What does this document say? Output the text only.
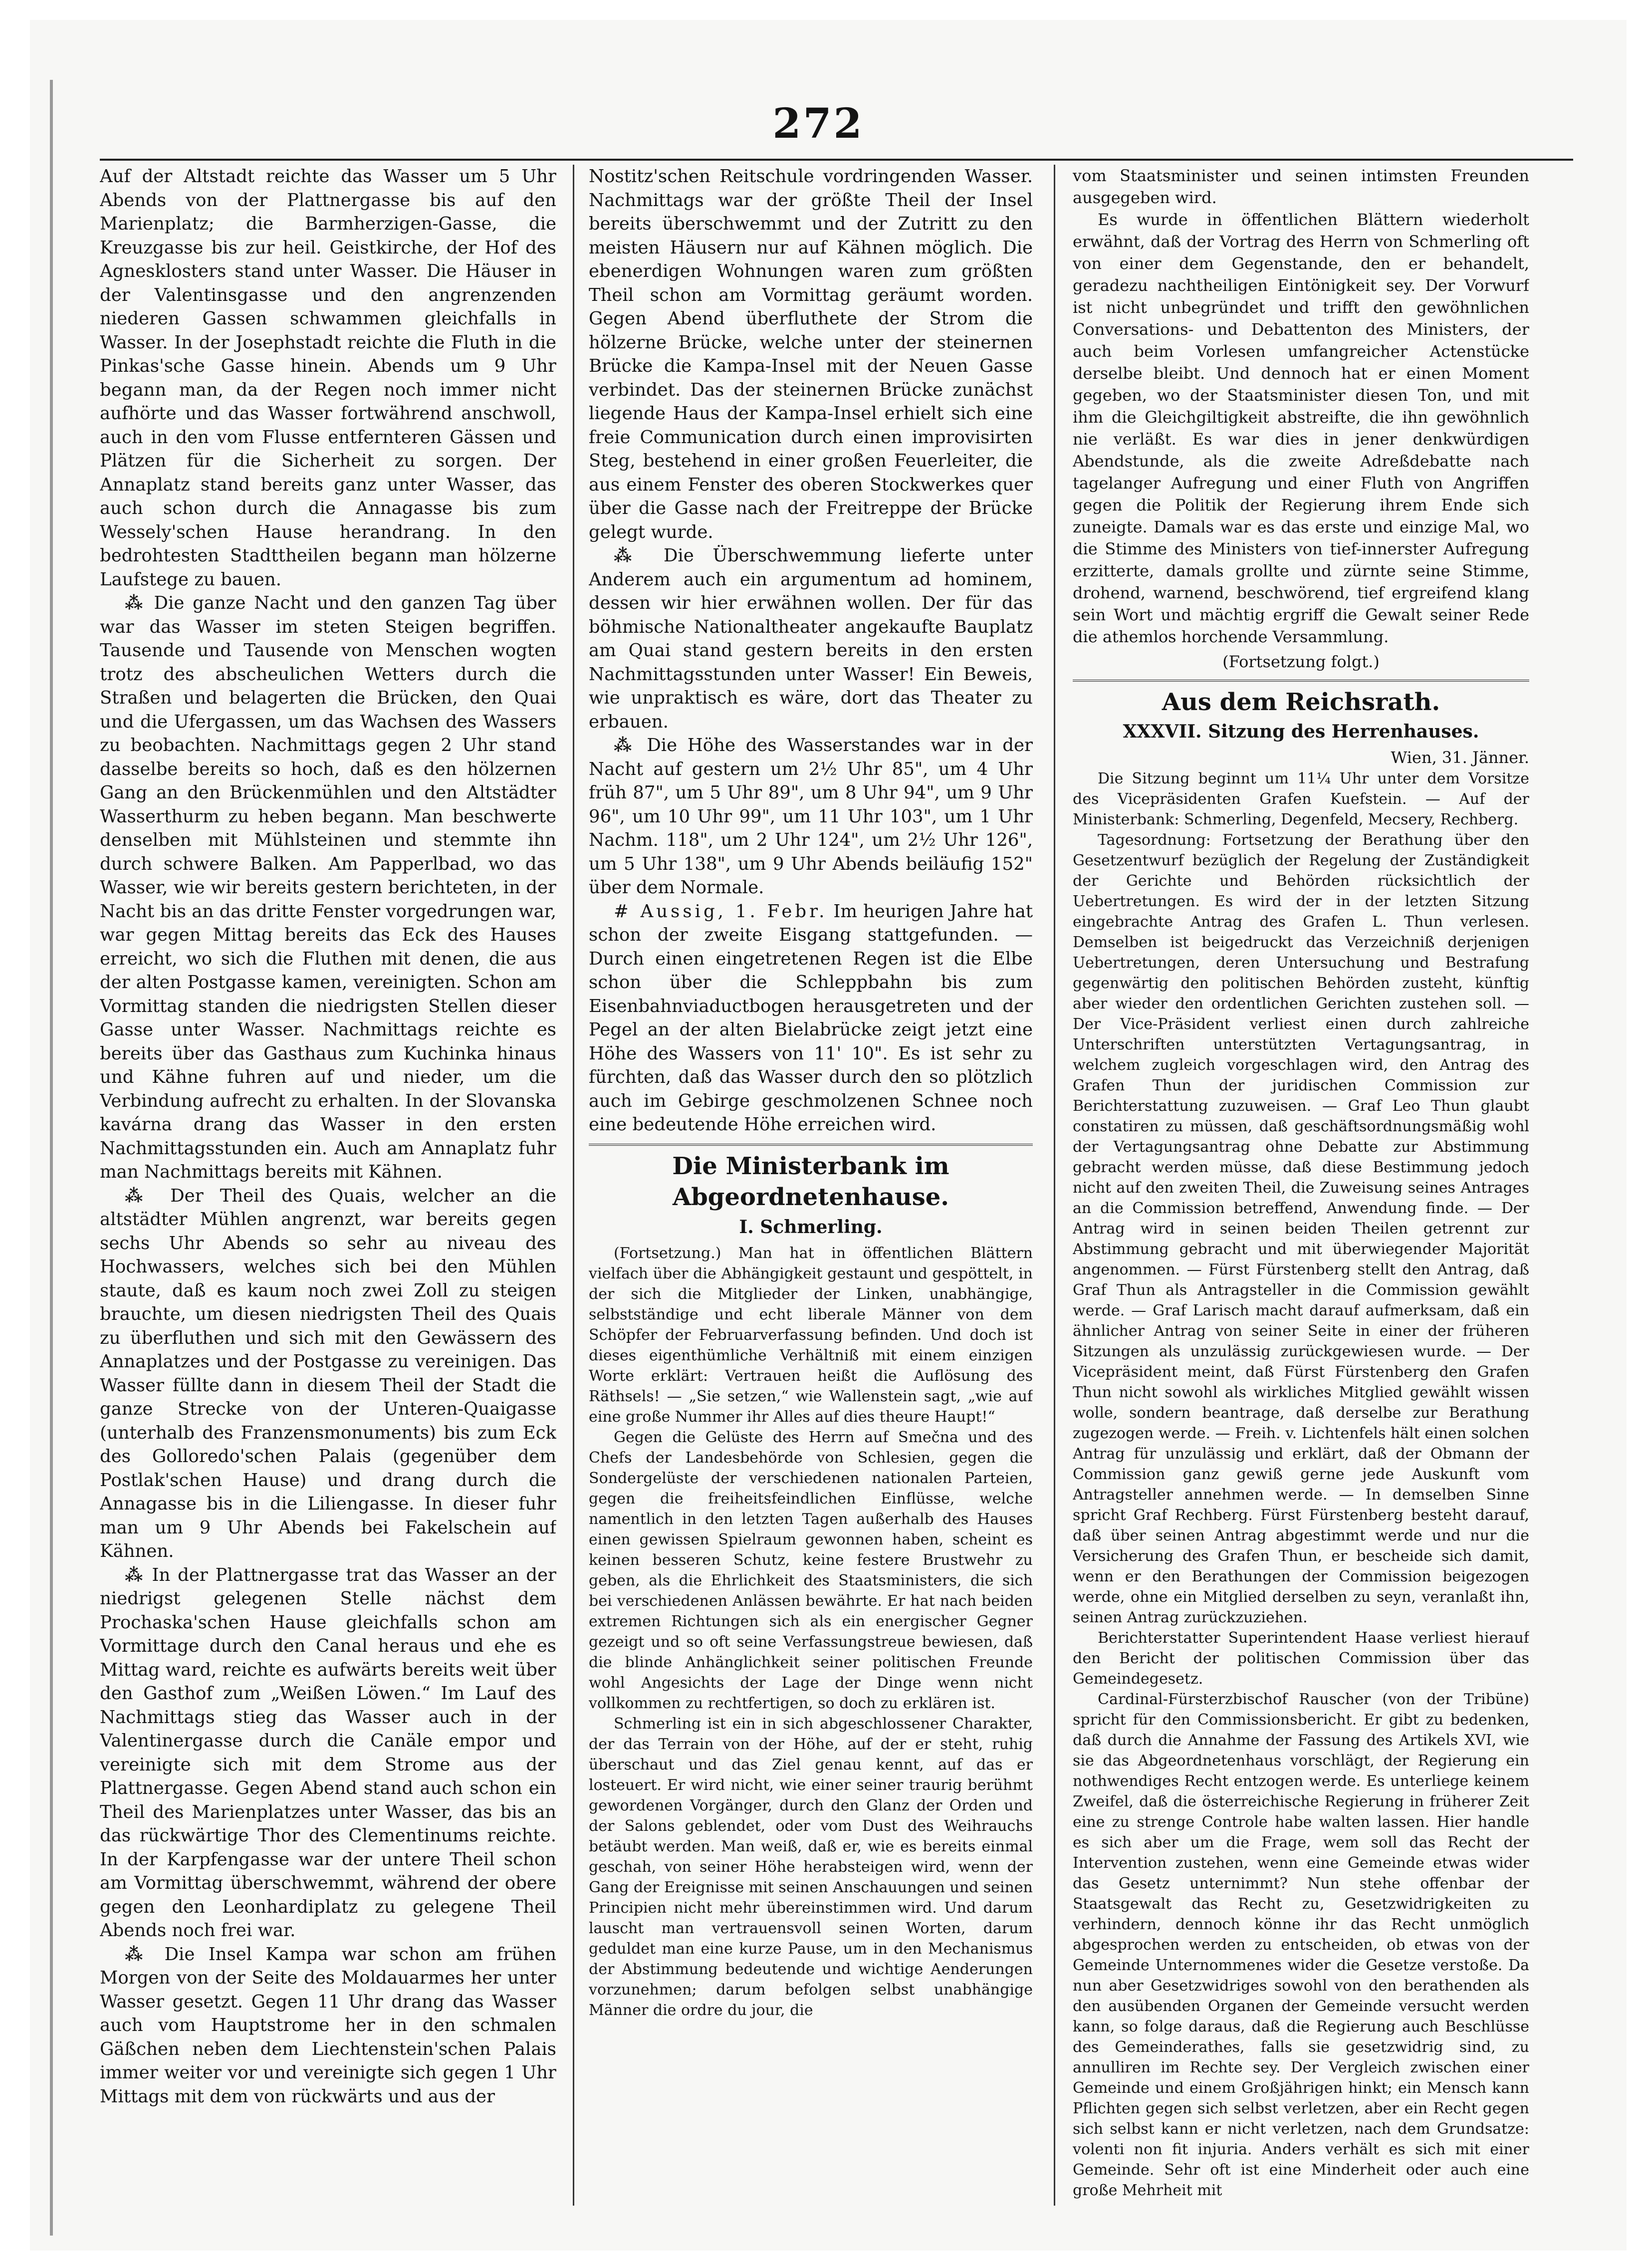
272

Auf der Altstadt reichte das Wasser um 5 Uhr Abends von der Plattnergasse bis auf den Marienplatz; die Barmherzigen-Gasse, die Kreuzgasse bis zur heil. Geistkirche, der Hof des Agnesklosters stand unter Wasser. Die Häuser in der Valentinsgasse und den angrenzenden niederen Gassen schwammen gleichfalls in Wasser. In der Josephstadt reichte die Fluth in die Pinkas'sche Gasse hinein. Abends um 9 Uhr begann man, da der Regen noch immer nicht aufhörte und das Wasser fortwährend anschwoll, auch in den vom Flusse entfernteren Gässen und Plätzen für die Sicherheit zu sorgen. Der Annaplatz stand bereits ganz unter Wasser, das auch schon durch die Annagasse bis zum Wessely'schen Hause herandrang. In den bedrohtesten Stadttheilen begann man hölzerne Laufstege zu bauen.

⁂ Die ganze Nacht und den ganzen Tag über war das Wasser im steten Steigen begriffen. Tausende und Tausende von Menschen wogten trotz des abscheulichen Wetters durch die Straßen und belagerten die Brücken, den Quai und die Ufergassen, um das Wachsen des Wassers zu beobachten. Nachmittags gegen 2 Uhr stand dasselbe bereits so hoch, daß es den hölzernen Gang an den Brückenmühlen und den Altstädter Wasserthurm zu heben begann. Man beschwerte denselben mit Mühlsteinen und stemmte ihn durch schwere Balken. Am Papperlbad, wo das Wasser, wie wir bereits gestern berichteten, in der Nacht bis an das dritte Fenster vorgedrungen war, war gegen Mittag bereits das Eck des Hauses erreicht, wo sich die Fluthen mit denen, die aus der alten Postgasse kamen, vereinigten. Schon am Vormittag standen die niedrigsten Stellen dieser Gasse unter Wasser. Nachmittags reichte es bereits über das Gasthaus zum Kuchinka hinaus und Kähne fuhren auf und nieder, um die Verbindung aufrecht zu erhalten. In der Slovanska kavárna drang das Wasser in den ersten Nachmittagsstunden ein. Auch am Annaplatz fuhr man Nachmittags bereits mit Kähnen.

⁂ Der Theil des Quais, welcher an die altstädter Mühlen angrenzt, war bereits gegen sechs Uhr Abends so sehr au niveau des Hochwassers, welches sich bei den Mühlen staute, daß es kaum noch zwei Zoll zu steigen brauchte, um diesen niedrigsten Theil des Quais zu überfluthen und sich mit den Gewässern des Annaplatzes und der Postgasse zu vereinigen. Das Wasser füllte dann in diesem Theil der Stadt die ganze Strecke von der Unteren-Quaigasse (unterhalb des Franzensmonuments) bis zum Eck des Golloredo'schen Palais (gegenüber dem Postlak'schen Hause) und drang durch die Annagasse bis in die Liliengasse. In dieser fuhr man um 9 Uhr Abends bei Fakelschein auf Kähnen.

⁂ In der Plattnergasse trat das Wasser an der niedrigst gelegenen Stelle nächst dem Prochaska'schen Hause gleichfalls schon am Vormittage durch den Canal heraus und ehe es Mittag ward, reichte es aufwärts bereits weit über den Gasthof zum „Weißen Löwen.“ Im Lauf des Nachmittags stieg das Wasser auch in der Valentinergasse durch die Canäle empor und vereinigte sich mit dem Strome aus der Plattnergasse. Gegen Abend stand auch schon ein Theil des Marienplatzes unter Wasser, das bis an das rückwärtige Thor des Clementinums reichte. In der Karpfengasse war der untere Theil schon am Vormittag überschwemmt, während der obere gegen den Leonhardiplatz zu gelegene Theil Abends noch frei war.

⁂ Die Insel Kampa war schon am frühen Morgen von der Seite des Moldauarmes her unter Wasser gesetzt. Gegen 11 Uhr drang das Wasser auch vom Hauptstrome her in den schmalen Gäßchen neben dem Liechtenstein'schen Palais immer weiter vor und vereinigte sich gegen 1 Uhr Mittags mit dem von rückwärts und aus der

Nostitz'schen Reitschule vordringenden Wasser. Nachmittags war der größte Theil der Insel bereits überschwemmt und der Zutritt zu den meisten Häusern nur auf Kähnen möglich. Die ebenerdigen Wohnungen waren zum größten Theil schon am Vormittag geräumt worden. Gegen Abend überfluthete der Strom die hölzerne Brücke, welche unter der steinernen Brücke die Kampa-Insel mit der Neuen Gasse verbindet. Das der steinernen Brücke zunächst liegende Haus der Kampa-Insel erhielt sich eine freie Communication durch einen improvisirten Steg, bestehend in einer großen Feuerleiter, die aus einem Fenster des oberen Stockwerkes quer über die Gasse nach der Freitreppe der Brücke gelegt wurde.

⁂ Die Überschwemmung lieferte unter Anderem auch ein argumentum ad hominem, dessen wir hier erwähnen wollen. Der für das böhmische Nationaltheater angekaufte Bauplatz am Quai stand gestern bereits in den ersten Nachmittagsstunden unter Wasser! Ein Beweis, wie unpraktisch es wäre, dort das Theater zu erbauen.

⁂ Die Höhe des Wasserstandes war in der Nacht auf gestern um 2½ Uhr 85", um 4 Uhr früh 87", um 5 Uhr 89", um 8 Uhr 94", um 9 Uhr 96", um 10 Uhr 99", um 11 Uhr 103", um 1 Uhr Nachm. 118", um 2 Uhr 124", um 2½ Uhr 126", um 5 Uhr 138", um 9 Uhr Abends beiläufig 152" über dem Normale.

# Aussig, 1. Febr. Im heurigen Jahre hat schon der zweite Eisgang stattgefunden. — Durch einen eingetretenen Regen ist die Elbe schon über die Schleppbahn bis zum Eisenbahnviaductbogen herausgetreten und der Pegel an der alten Bielabrücke zeigt jetzt eine Höhe des Wassers von 11' 10". Es ist sehr zu fürchten, daß das Wasser durch den so plötzlich auch im Gebirge geschmolzenen Schnee noch eine bedeutende Höhe erreichen wird.

Die Ministerbank im Abgeordnetenhause.
I. Schmerling.

(Fortsetzung.) Man hat in öffentlichen Blättern vielfach über die Abhängigkeit gestaunt und gespöttelt, in der sich die Mitglieder der Linken, unabhängige, selbstständige und echt liberale Männer von dem Schöpfer der Februarverfassung befinden. Und doch ist dieses eigenthümliche Verhältniß mit einem einzigen Worte erklärt: Vertrauen heißt die Auflösung des Räthsels! — „Sie setzen,“ wie Wallenstein sagt, „wie auf eine große Nummer ihr Alles auf dies theure Haupt!“

Gegen die Gelüste des Herrn auf Smečna und des Chefs der Landesbehörde von Schlesien, gegen die Sondergelüste der verschiedenen nationalen Parteien, gegen die freiheitsfeindlichen Einflüsse, welche namentlich in den letzten Tagen außerhalb des Hauses einen gewissen Spielraum gewonnen haben, scheint es keinen besseren Schutz, keine festere Brustwehr zu geben, als die Ehrlichkeit des Staatsministers, die sich bei verschiedenen Anlässen bewährte. Er hat nach beiden extremen Richtungen sich als ein energischer Gegner gezeigt und so oft seine Verfassungstreue bewiesen, daß die blinde Anhänglichkeit seiner politischen Freunde wohl Angesichts der Lage der Dinge wenn nicht vollkommen zu rechtfertigen, so doch zu erklären ist.

Schmerling ist ein in sich abgeschlossener Charakter, der das Terrain von der Höhe, auf der er steht, ruhig überschaut und das Ziel genau kennt, auf das er losteuert. Er wird nicht, wie einer seiner traurig berühmt gewordenen Vorgänger, durch den Glanz der Orden und der Salons geblendet, oder vom Dust des Weihrauchs betäubt werden. Man weiß, daß er, wie es bereits einmal geschah, von seiner Höhe herabsteigen wird, wenn der Gang der Ereignisse mit seinen Anschauungen und seinen Principien nicht mehr übereinstimmen wird. Und darum lauscht man vertrauensvoll seinen Worten, darum geduldet man eine kurze Pause, um in den Mechanismus der Abstimmung bedeutende und wichtige Aenderungen vorzunehmen; darum befolgen selbst unabhängige Männer die ordre du jour, die

vom Staatsminister und seinen intimsten Freunden ausgegeben wird.

Es wurde in öffentlichen Blättern wiederholt erwähnt, daß der Vortrag des Herrn von Schmerling oft von einer dem Gegenstande, den er behandelt, geradezu nachtheiligen Eintönigkeit sey. Der Vorwurf ist nicht unbegründet und trifft den gewöhnlichen Conversations- und Debattenton des Ministers, der auch beim Vorlesen umfangreicher Actenstücke derselbe bleibt. Und dennoch hat er einen Moment gegeben, wo der Staatsminister diesen Ton, und mit ihm die Gleichgiltigkeit abstreifte, die ihn gewöhnlich nie verläßt. Es war dies in jener denkwürdigen Abendstunde, als die zweite Adreßdebatte nach tagelanger Aufregung und einer Fluth von Angriffen gegen die Politik der Regierung ihrem Ende sich zuneigte. Damals war es das erste und einzige Mal, wo die Stimme des Ministers von tief-innerster Aufregung erzitterte, damals grollte und zürnte seine Stimme, drohend, warnend, beschwörend, tief ergreifend klang sein Wort und mächtig ergriff die Gewalt seiner Rede die athemlos horchende Versammlung.

(Fortsetzung folgt.)
Aus dem Reichsrath.
XXXVII. Sitzung des Herrenhauses.
Wien, 31. Jänner.

Die Sitzung beginnt um 11¼ Uhr unter dem Vorsitze des Vicepräsidenten Grafen Kuefstein. — Auf der Ministerbank: Schmerling, Degenfeld, Mecsery, Rechberg.

Tagesordnung: Fortsetzung der Berathung über den Gesetzentwurf bezüglich der Regelung der Zuständigkeit der Gerichte und Behörden rücksichtlich der Uebertretungen. Es wird der in der letzten Sitzung eingebrachte Antrag des Grafen L. Thun verlesen. Demselben ist beigedruckt das Verzeichniß derjenigen Uebertretungen, deren Untersuchung und Bestrafung gegenwärtig den politischen Behörden zusteht, künftig aber wieder den ordentlichen Gerichten zustehen soll. — Der Vice-Präsident verliest einen durch zahlreiche Unterschriften unterstützten Vertagungsantrag, in welchem zugleich vorgeschlagen wird, den Antrag des Grafen Thun der juridischen Commission zur Berichterstattung zuzuweisen. — Graf Leo Thun glaubt constatiren zu müssen, daß geschäftsordnungsmäßig wohl der Vertagungsantrag ohne Debatte zur Abstimmung gebracht werden müsse, daß diese Bestimmung jedoch nicht auf den zweiten Theil, die Zuweisung seines Antrages an die Commission betreffend, Anwendung finde. — Der Antrag wird in seinen beiden Theilen getrennt zur Abstimmung gebracht und mit überwiegender Majorität angenommen. — Fürst Fürstenberg stellt den Antrag, daß Graf Thun als Antragsteller in die Commission gewählt werde. — Graf Larisch macht darauf aufmerksam, daß ein ähnlicher Antrag von seiner Seite in einer der früheren Sitzungen als unzulässig zurückgewiesen wurde. — Der Vicepräsident meint, daß Fürst Fürstenberg den Grafen Thun nicht sowohl als wirkliches Mitglied gewählt wissen wolle, sondern beantrage, daß derselbe zur Berathung zugezogen werde. — Freih. v. Lichtenfels hält einen solchen Antrag für unzulässig und erklärt, daß der Obmann der Commission ganz gewiß gerne jede Auskunft vom Antragsteller annehmen werde. — In demselben Sinne spricht Graf Rechberg. Fürst Fürstenberg besteht darauf, daß über seinen Antrag abgestimmt werde und nur die Versicherung des Grafen Thun, er bescheide sich damit, wenn er den Berathungen der Commission beigezogen werde, ohne ein Mitglied derselben zu seyn, veranlaßt ihn, seinen Antrag zurückzuziehen.

Berichterstatter Superintendent Haase verliest hierauf den Bericht der politischen Commission über das Gemeindegesetz.

Cardinal-Fürsterzbischof Rauscher (von der Tribüne) spricht für den Commissionsbericht. Er gibt zu bedenken, daß durch die Annahme der Fassung des Artikels XVI, wie sie das Abgeordnetenhaus vorschlägt, der Regierung ein nothwendiges Recht entzogen werde. Es unterliege keinem Zweifel, daß die österreichische Regierung in früherer Zeit eine zu strenge Controle habe walten lassen. Hier handle es sich aber um die Frage, wem soll das Recht der Intervention zustehen, wenn eine Gemeinde etwas wider das Gesetz unternimmt? Nun stehe offenbar der Staatsgewalt das Recht zu, Gesetzwidrigkeiten zu verhindern, dennoch könne ihr das Recht unmöglich abgesprochen werden zu entscheiden, ob etwas von der Gemeinde Unternommenes wider die Gesetze verstoße. Da nun aber Gesetzwidriges sowohl von den berathenden als den ausübenden Organen der Gemeinde versucht werden kann, so folge daraus, daß die Regierung auch Beschlüsse des Gemeinderathes, falls sie gesetzwidrig sind, zu annulliren im Rechte sey. Der Vergleich zwischen einer Gemeinde und einem Großjährigen hinkt; ein Mensch kann Pflichten gegen sich selbst verletzen, aber ein Recht gegen sich selbst kann er nicht verletzen, nach dem Grundsatze: volenti non fit injuria. Anders verhält es sich mit einer Gemeinde. Sehr oft ist eine Minderheit oder auch eine große Mehrheit mit
